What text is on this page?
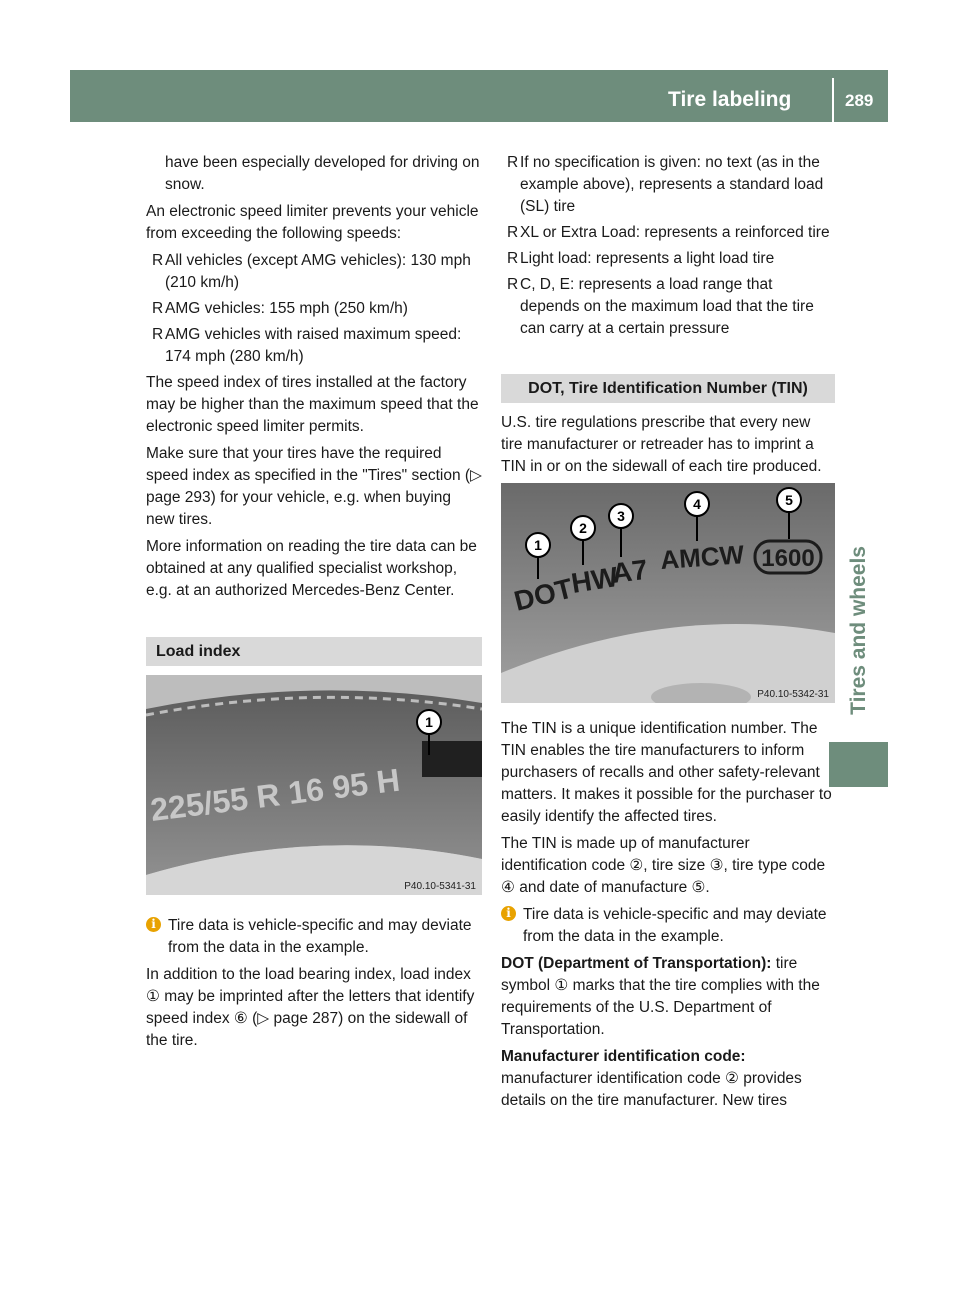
Tire labeling	289
Tires and wheels

have been especially developed for driving on snow.

An electronic speed limiter prevents your vehicle from exceeding the following speeds:

R All vehicles (except AMG vehicles): 130 mph (210 km/h)
R AMG vehicles: 155 mph (250 km/h)
R AMG vehicles with raised maximum speed: 174 mph (280 km/h)

The speed index of tires installed at the factory may be higher than the maximum speed that the electronic speed limiter permits.

Make sure that your tires have the required speed index as specified in the "Tires" section (▷ page 293) for your vehicle, e.g. when buying new tires.

More information on reading the tire data can be obtained at any qualified specialist workshop, e.g. at an authorized Mercedes-Benz Center.

Load index
225/55 R 16 95 H
1
P40.10-5341-31

i Tire data is vehicle-specific and may deviate from the data in the example.

In addition to the load bearing index, load index ① may be imprinted after the letters that identify speed index ⑥ (▷ page 287) on the sidewall of the tire.

R If no specification is given: no text (as in the example above), represents a standard load (SL) tire
R XL or Extra Load: represents a reinforced tire
R Light load: represents a light load tire
R C, D, E: represents a load range that depends on the maximum load that the tire can carry at a certain pressure
DOT, Tire Identification Number (TIN)

U.S. tire regulations prescribe that every new tire manufacturer or retreader has to imprint a TIN in or on the sidewall of each tire produced.

DOT
HW
A7 AMCW 1600
1
2
3
4	5
P40.10-5342-31

The TIN is a unique identification number. The TIN enables the tire manufacturers to inform purchasers of recalls and other safety-relevant matters. It makes it possible for the purchaser to easily identify the affected tires.

The TIN is made up of manufacturer identification code ②, tire size ③, tire type code ④ and date of manufacture ⑤.

i Tire data is vehicle-specific and may deviate from the data in the example.

DOT (Department of Transportation): tire symbol ① marks that the tire complies with the requirements of the U.S. Department of Transportation.

Manufacturer identification code: manufacturer identification code ② provides details on the tire manufacturer. New tires
